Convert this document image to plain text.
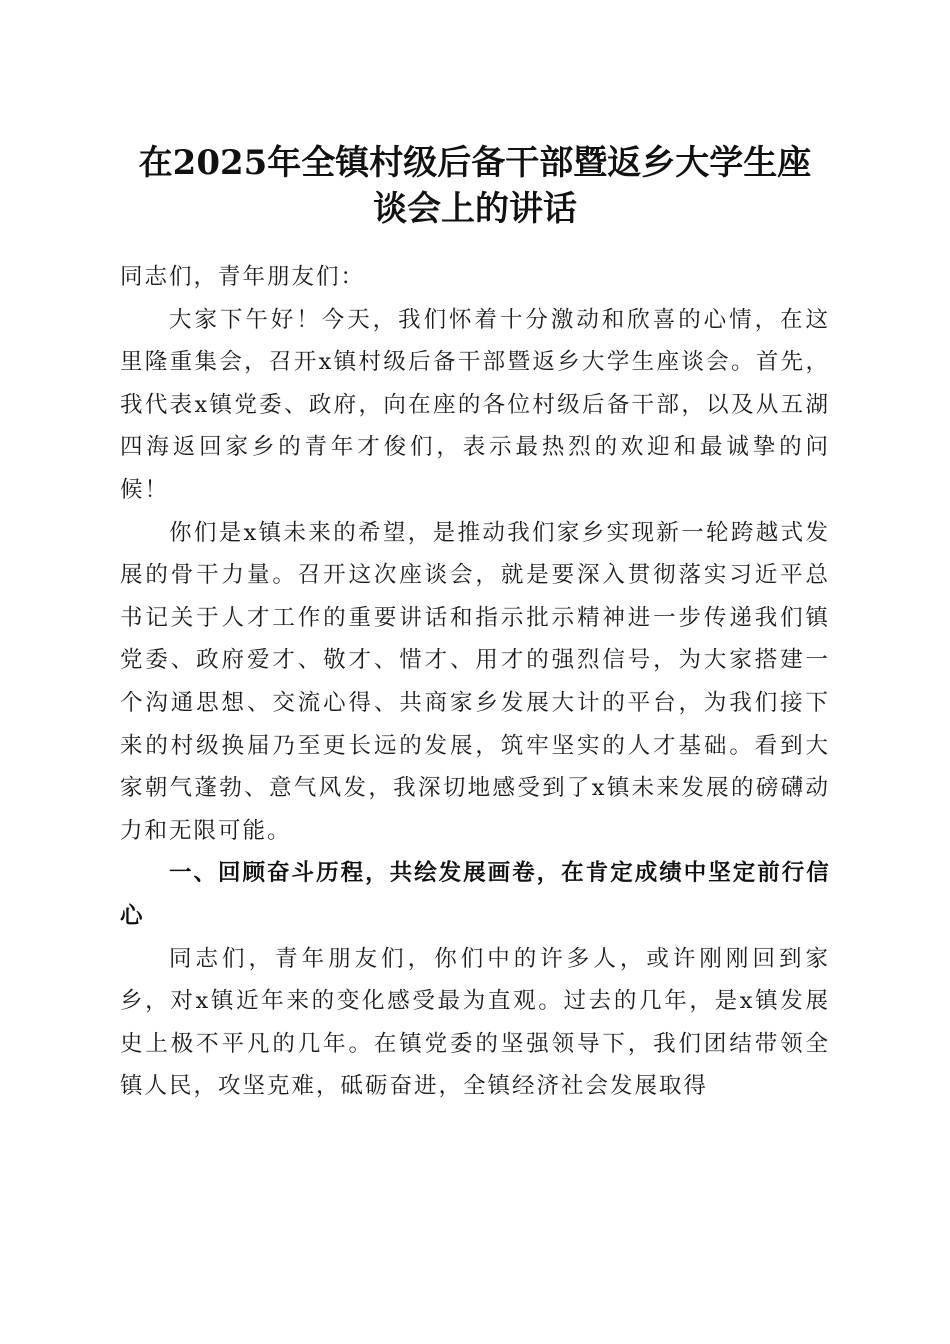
在2025年全镇村级后备干部暨返乡大学生座
谈会上的讲话

同志们，青年朋友们：

大家下午好！今天，我们怀着十分激动和欣喜的心情，在这里隆重集会，召开x镇村级后备干部暨返乡大学生座谈会。首先，我代表x镇党委、政府，向在座的各位村级后备干部，以及从五湖四海返回家乡的青年才俊们，表示最热烈的欢迎和最诚挚的问候！

你们是x镇未来的希望，是推动我们家乡实现新一轮跨越式发展的骨干力量。召开这次座谈会，就是要深入贯彻落实习近平总书记关于人才工作的重要讲话和指示批示精神进一步传递我们镇党委、政府爱才、敬才、惜才、用才的强烈信号，为大家搭建一个沟通思想、交流心得、共商家乡发展大计的平台，为我们接下来的村级换届乃至更长远的发展，筑牢坚实的人才基础。看到大家朝气蓬勃、意气风发，我深切地感受到了x镇未来发展的磅礴动力和无限可能。

一、回顾奋斗历程，共绘发展画卷，在肯定成绩中坚定前行信心

同志们，青年朋友们，你们中的许多人，或许刚刚回到家乡，对x镇近年来的变化感受最为直观。过去的几年，是x镇发展史上极不平凡的几年。在镇党委的坚强领导下，我们团结带领全镇人民，攻坚克难，砥砺奋进，全镇经济社会发展取得
